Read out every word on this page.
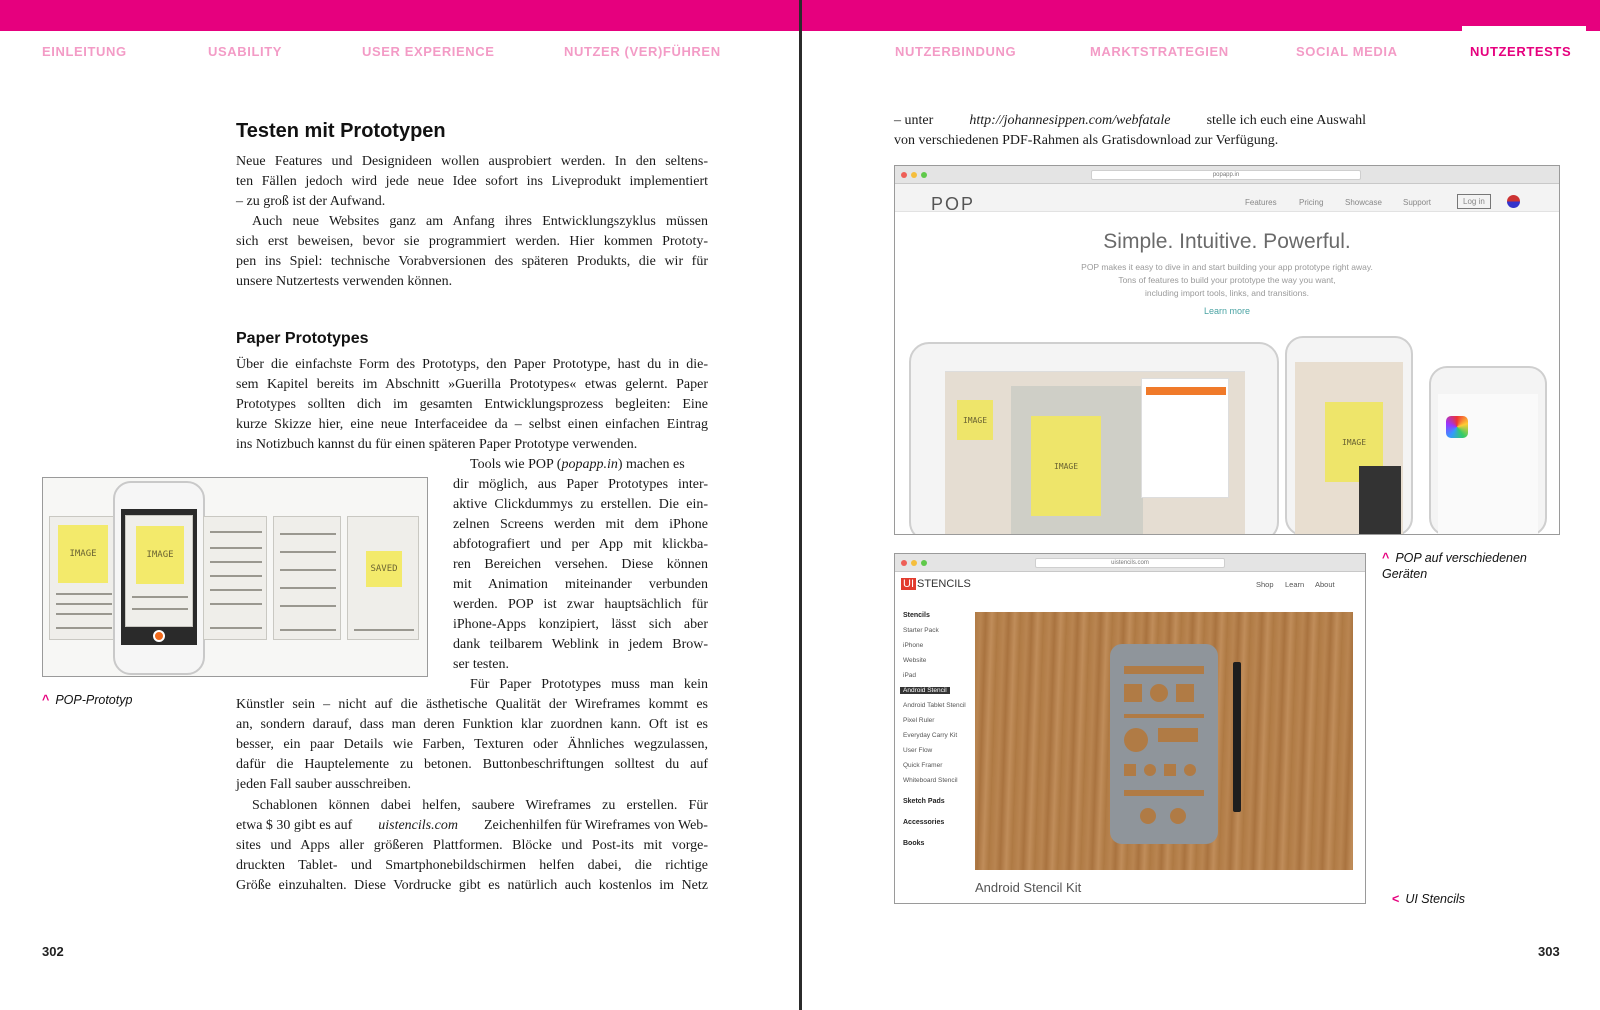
EINLEITUNG	USABILITY	USER EXPERIENCE	NUTZER (VER)FÜHREN
Testen mit Prototypen
Neue Features und Designideen wollen ausprobiert werden. In den seltens-
ten Fällen jedoch wird jede neue Idee sofort ins Liveprodukt implementiert
– zu groß ist der Aufwand.
Auch neue Websites ganz am Anfang ihres Entwicklungszyklus müssen
sich erst beweisen, bevor sie programmiert werden. Hier kommen Prototy-
pen ins Spiel: technische Vorabversionen des späteren Produkts, die wir für
unsere Nutzertests verwenden können.
Paper Prototypes
Über die einfachste Form des Prototyps, den Paper Prototype, hast du in die-
sem Kapitel bereits im Abschnitt »Guerilla Prototypes« etwas gelernt. Paper
Prototypes sollten dich im gesamten Entwicklungsprozess begleiten: Eine
kurze Skizze hier, eine neue Interfaceidee da – selbst einen einfachen Eintrag
ins Notizbuch kannst du für einen späteren Paper Prototype verwenden.
Tools wie POP (popapp.in) machen es
dir möglich, aus Paper Prototypes inter-
aktive Clickdummys zu erstellen. Die ein-
zelnen Screens werden mit dem iPhone
abfotografiert und per App mit klickba-
ren Bereichen versehen. Diese können
mit Animation miteinander verbunden
werden. POP ist zwar hauptsächlich für
iPhone-Apps konzipiert, lässt sich aber
dank teilbarem Weblink in jedem Brow-
ser testen.
Für Paper Prototypes muss man kein
Künstler sein – nicht auf die ästhetische Qualität der Wireframes kommt es
an, sondern darauf, dass man deren Funktion klar zuordnen kann. Oft ist es
besser, ein paar Details wie Farben, Texturen oder Ähnliches wegzulassen,
dafür die Hauptelemente zu betonen. Buttonbeschriftungen solltest du auf
jeden Fall sauber ausschreiben.
Schablonen können dabei helfen, saubere Wireframes zu erstellen. Für
etwa $ 30 gibt es auf uistencils.com Zeichenhilfen für Wireframes von Web-
sites und Apps aller größeren Plattformen. Blöcke und Post-its mit vorge-
druckten Tablet- und Smartphonebildschirmen helfen dabei, die richtige
Größe einzuhalten. Diese Vordrucke gibt es natürlich auch kostenlos im Netz
IMAGE	IMAGE
SAVED
^ POP-Prototyp
302
NUTZERBINDUNG	MARKTSTRATEGIEN	SOCIAL MEDIA	NUTZERTESTS
– unter	http://johannesippen.com/webfatale	stelle ich euch eine Auswahl
von verschiedenen PDF-Rahmen als Gratisdownload zur Verfügung.
popapp.in
POP	Features	Pricing	Showcase	Support	Log in
Simple. Intuitive. Powerful.
POP makes it easy to dive in and start building your app prototype right away.
Tons of features to build your prototype the way you want,
including import tools, links, and transitions.
Learn more
IMAGE
IMAGE
IMAGE
^ POP auf verschiedenen
Geräten
uistencils.com
UI STENCILS	Shop Learn About
Stencils
Starter Pack
iPhone
Website
iPad
Android Stencil
Android Tablet Stencil
Pixel Ruler
Everyday Carry Kit
User Flow
Quick Framer
Whiteboard Stencil
Sketch Pads
Accessories
Books
Android Stencil Kit
< UI Stencils
303
